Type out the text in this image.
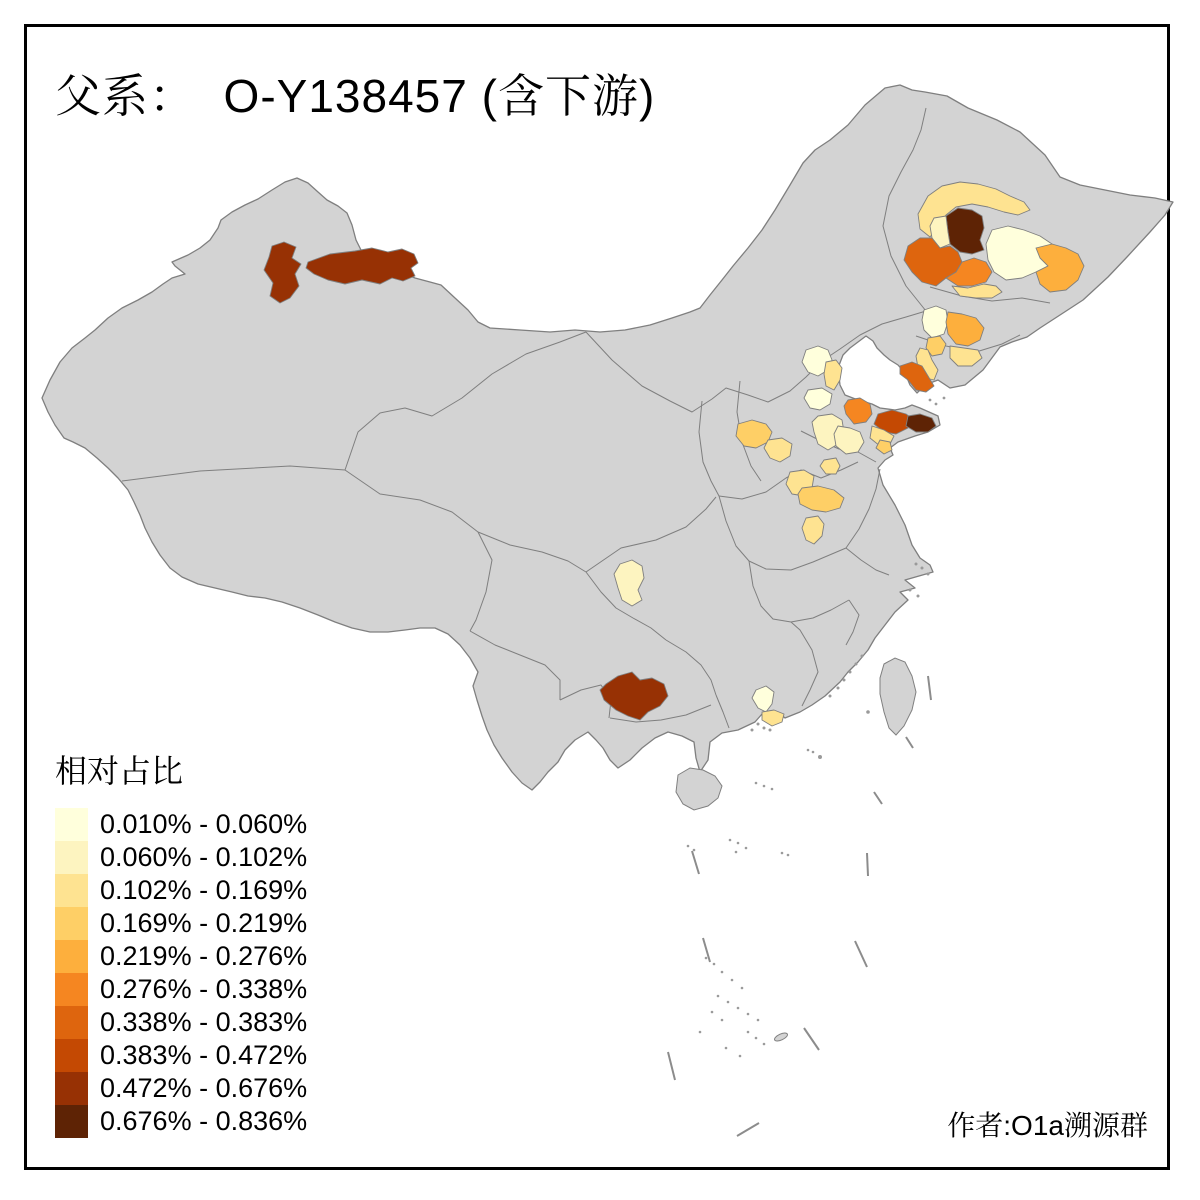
父系：  O-Y138457 (含下游)
相对占比
0.010% - 0.060%
0.060% - 0.102%
0.102% - 0.169%
0.169% - 0.219%
0.219% - 0.276%
0.276% - 0.338%
0.338% - 0.383%
0.383% - 0.472%
0.472% - 0.676%
0.676% - 0.836%	作者:O1a溯源群
